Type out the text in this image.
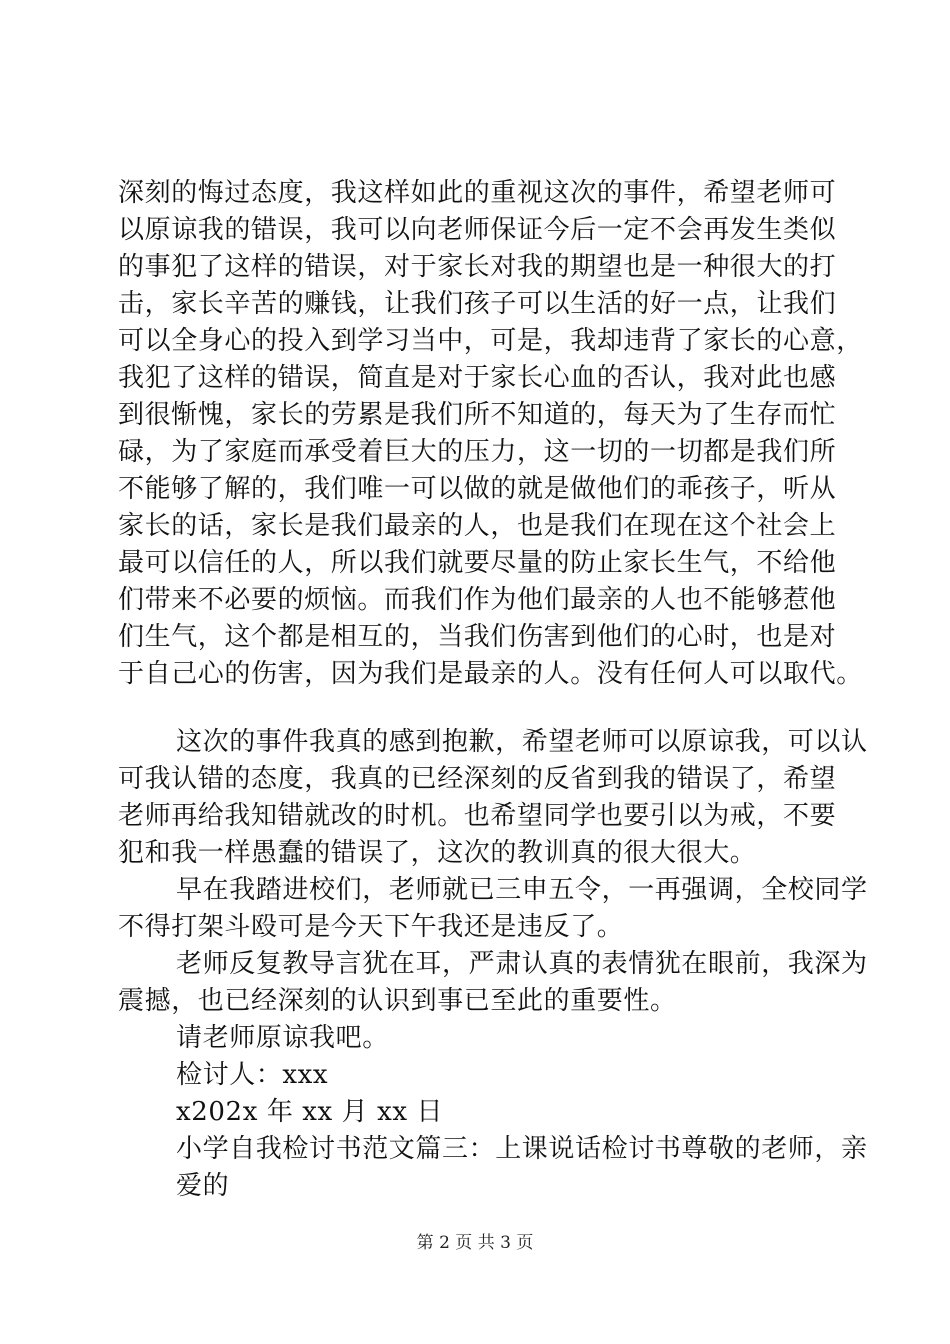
深刻的悔过态度，我这样如此的重视这次的事件，希望老师可
以原谅我的错误，我可以向老师保证今后一定不会再发生类似
的事犯了这样的错误，对于家长对我的期望也是一种很大的打
击，家长辛苦的赚钱，让我们孩子可以生活的好一点，让我们
可以全身心的投入到学习当中，可是，我却违背了家长的心意，
我犯了这样的错误，简直是对于家长心血的否认，我对此也感
到很惭愧，家长的劳累是我们所不知道的，每天为了生存而忙
碌，为了家庭而承受着巨大的压力，这一切的一切都是我们所
不能够了解的，我们唯一可以做的就是做他们的乖孩子，听从
家长的话，家长是我们最亲的人，也是我们在现在这个社会上
最可以信任的人，所以我们就要尽量的防止家长生气，不给他
们带来不必要的烦恼。而我们作为他们最亲的人也不能够惹他
们生气，这个都是相互的，当我们伤害到他们的心时，也是对
于自己心的伤害，因为我们是最亲的人。没有任何人可以取代。
这次的事件我真的感到抱歉，希望老师可以原谅我，可以认
可我认错的态度，我真的已经深刻的反省到我的错误了，希望
老师再给我知错就改的时机。也希望同学也要引以为戒，不要
犯和我一样愚蠢的错误了，这次的教训真的很大很大。
早在我踏进校们，老师就已三申五令，一再强调，全校同学
不得打架斗殴可是今天下午我还是违反了。
老师反复教导言犹在耳，严肃认真的表情犹在眼前，我深为
震撼，也已经深刻的认识到事已至此的重要性。
请老师原谅我吧。
检讨人：xxx
x202x 年 xx 月 xx 日
小学自我检讨书范文篇三：上课说话检讨书尊敬的老师，亲
爱的
第 2 页 共 3 页
